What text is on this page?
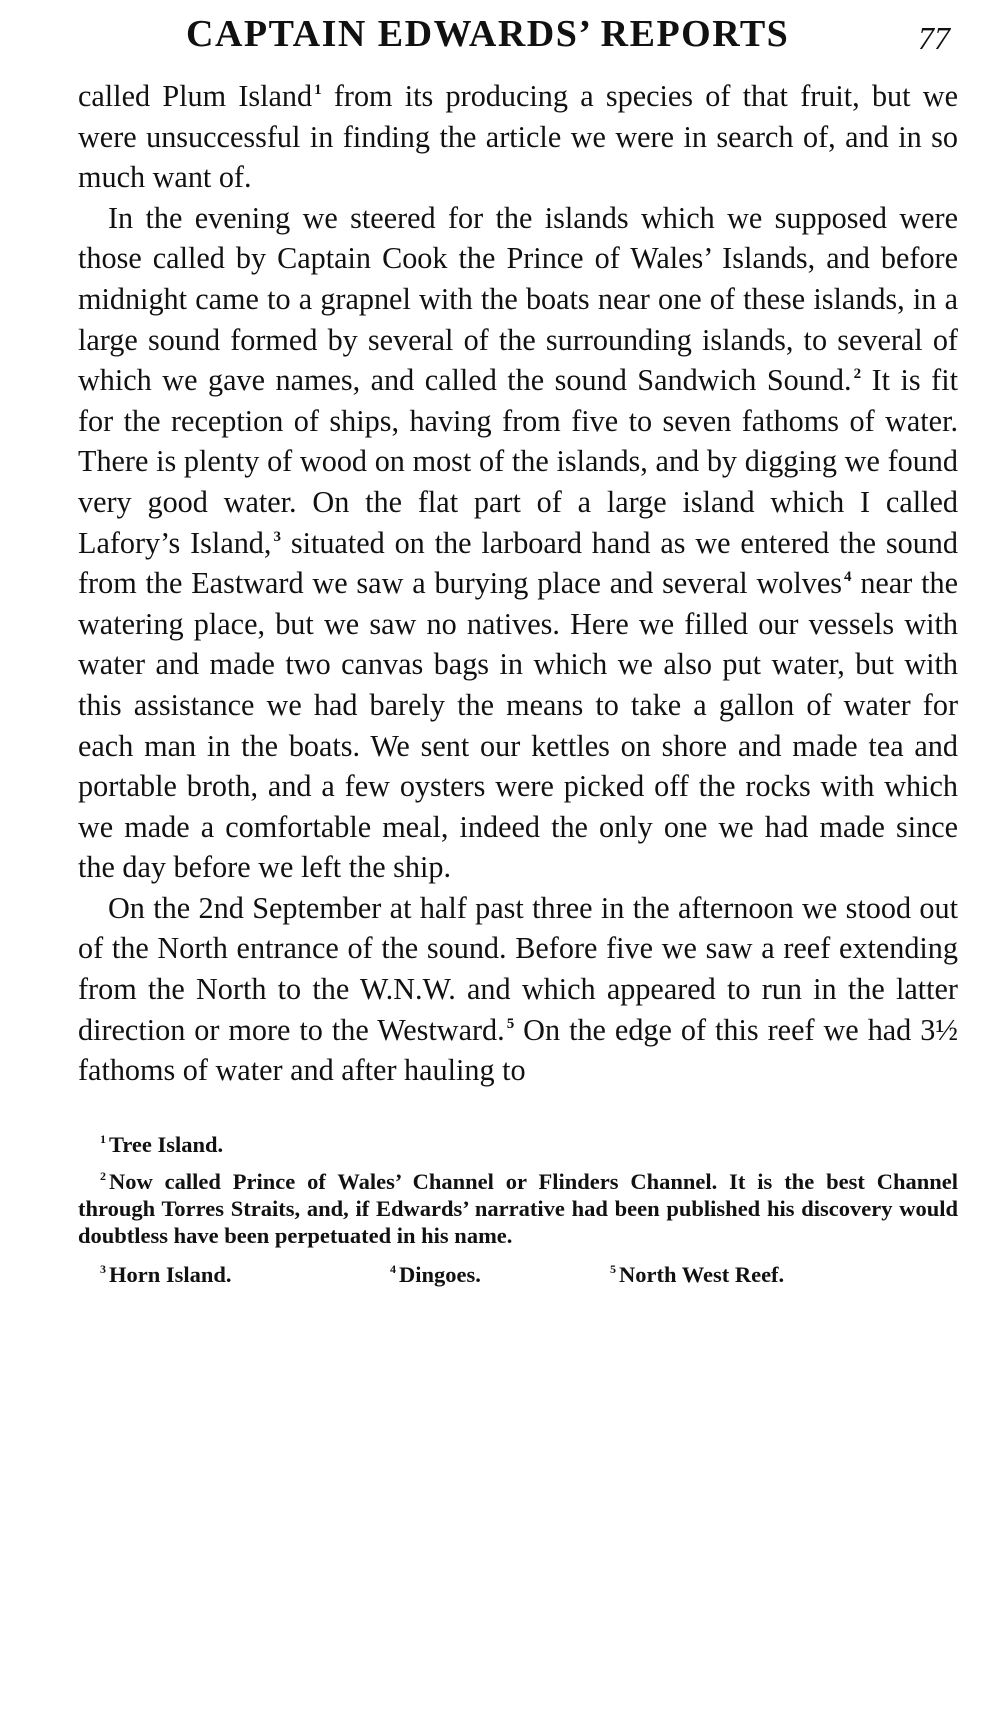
CAPTAIN EDWARDS’ REPORTS	77

called Plum Island $^1$ from its producing a species of that fruit, but we were unsuccessful in finding the article we were in search of, and in so much want of.

In the evening we steered for the islands which we supposed were those called by Captain Cook the Prince of Wales’ Islands, and before midnight came to a grapnel with the boats near one of these islands, in a large sound formed by several of the surrounding islands, to several of which we gave names, and called the sound Sandwich Sound. $^2$ It is fit for the reception of ships, having from five to seven fathoms of water. There is plenty of wood on most of the islands, and by digging we found very good water. On the flat part of a large island which I called Lafory’s Island, $^3$ situated on the larboard hand as we entered the sound from the Eastward we saw a burying place and several wolves $^4$ near the watering place, but we saw no natives. Here we filled our vessels with water and made two canvas bags in which we also put water, but with this assistance we had barely the means to take a gallon of water for each man in the boats. We sent our kettles on shore and made tea and portable broth, and a few oysters were picked off the rocks with which we made a comfortable meal, indeed the only one we had made since the day before we left the ship.

On the 2nd September at half past three in the afternoon we stood out of the North entrance of the sound. Before five we saw a reef extending from the North to the W.N.W. and which appeared to run in the latter direction or more to the Westward. $^5$ On the edge of this reef we had 3½ fathoms of water and after hauling to

$^1$ Tree Island.

$^2$ Now called Prince of Wales’ Channel or Flinders Channel. It is the best Channel through Torres Straits, and, if Edwards’ narrative had been published his discovery would doubtless have been perpetuated in his name.

$^3$ Horn Island.	$^4$ Dingoes.	$^5$ North West Reef.
